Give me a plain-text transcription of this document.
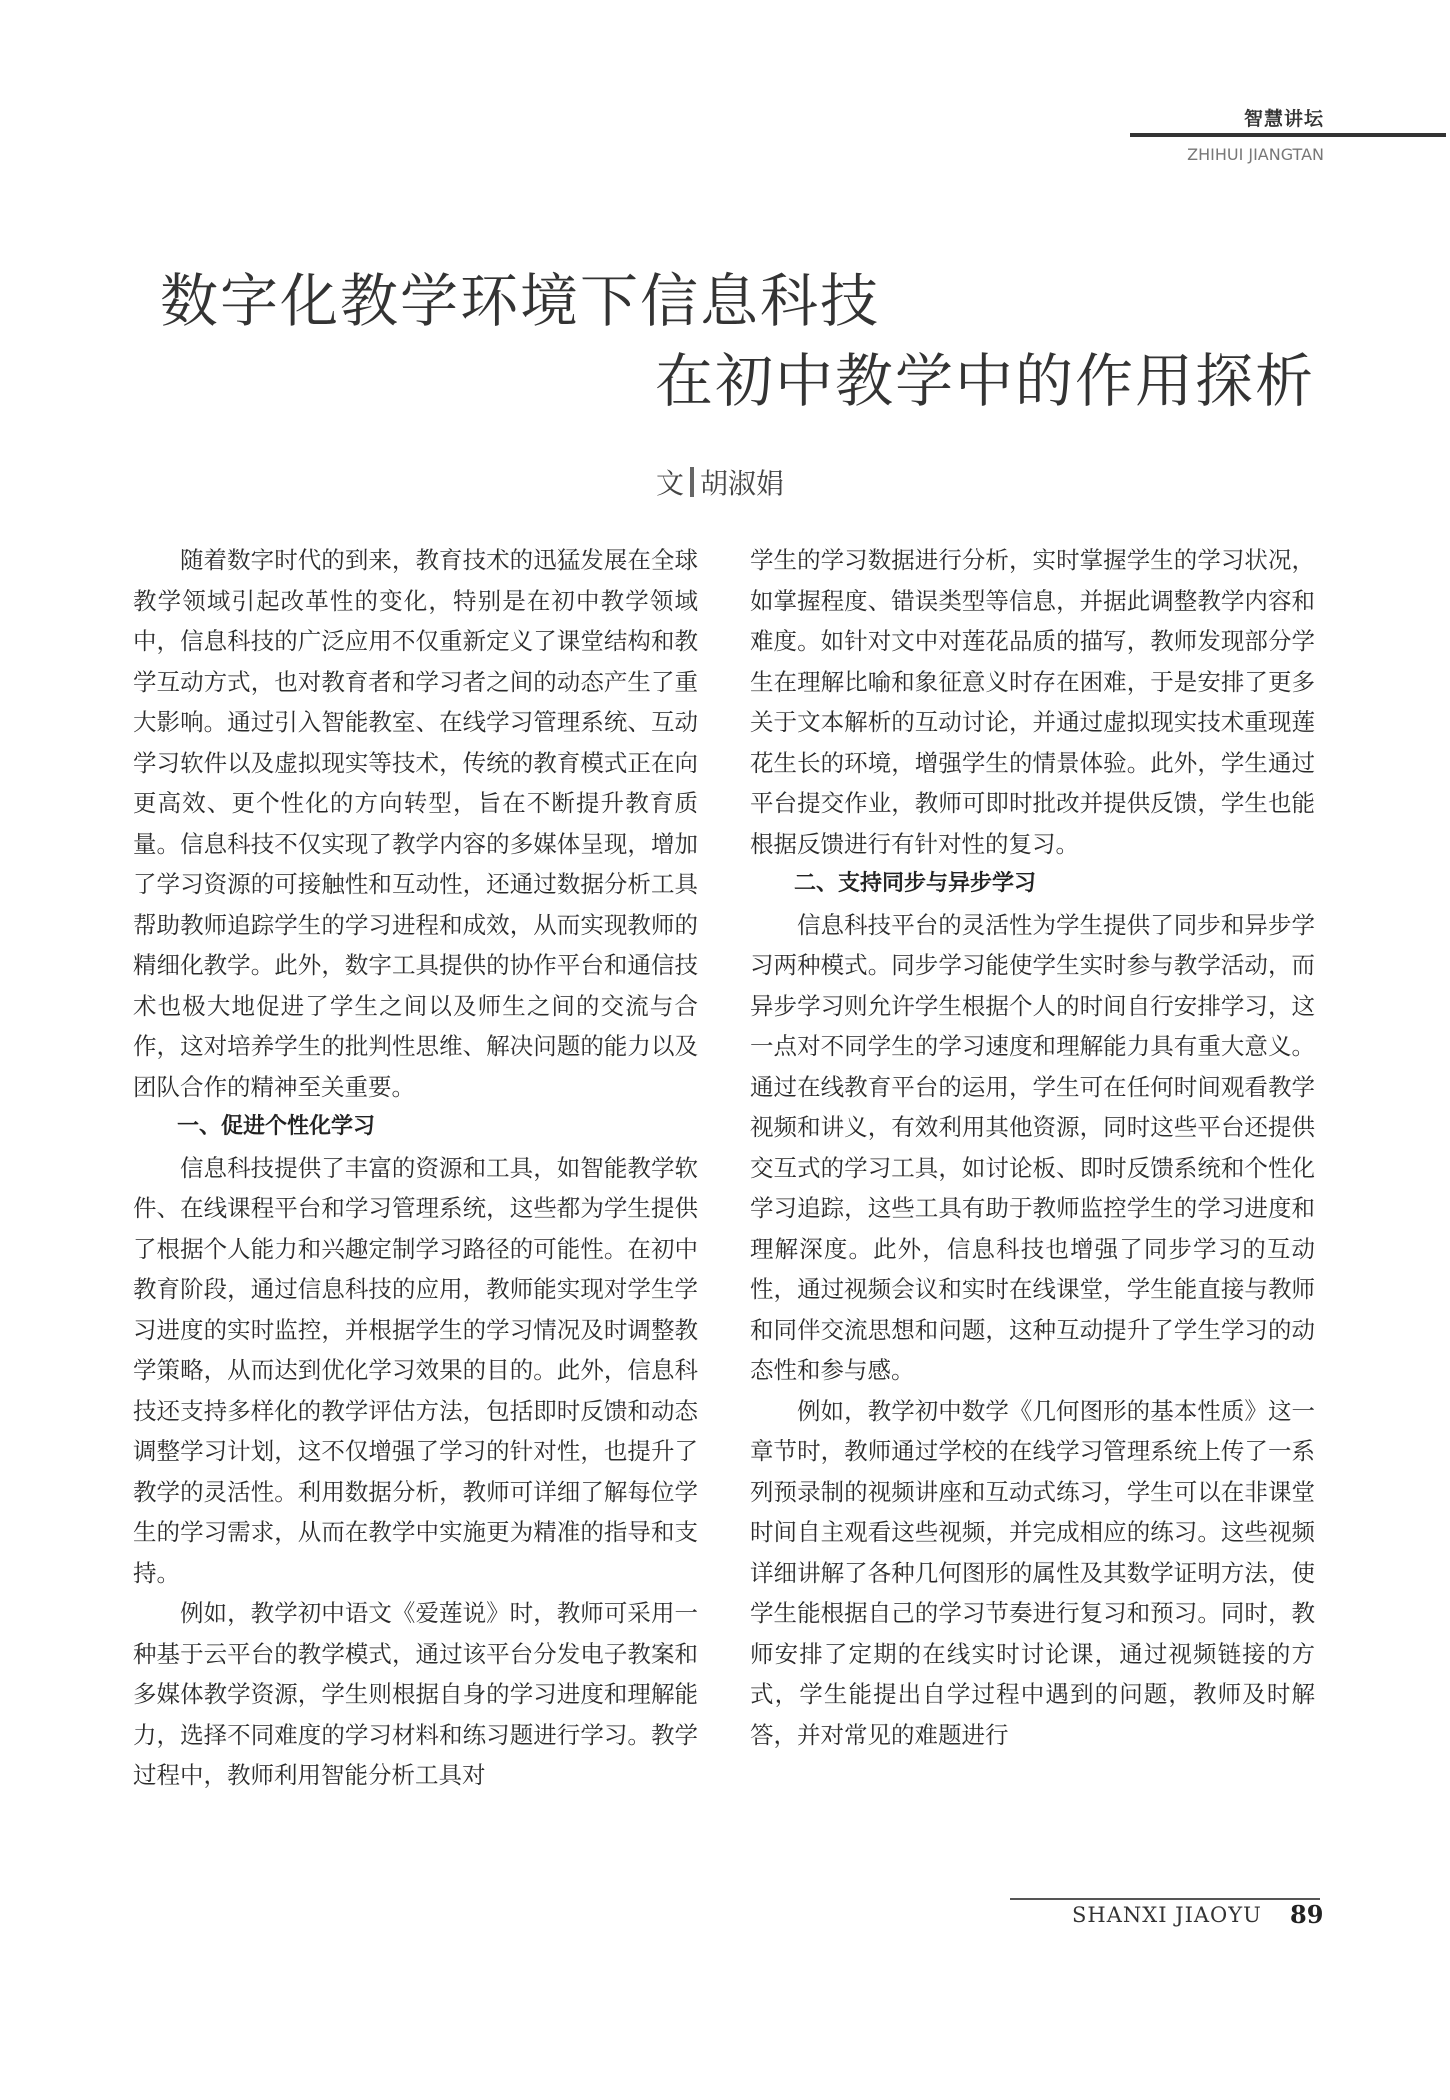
智慧讲坛
ZHIHUI JIANGTAN
数字化教学环境下信息科技
在初中教学中的作用探析
文 胡淑娟

随着数字时代的到来，教育技术的迅猛发展在全球教学领域引起改革性的变化，特别是在初中教学领域中，信息科技的广泛应用不仅重新定义了课堂结构和教学互动方式，也对教育者和学习者之间的动态产生了重大影响。通过引入智能教室、在线学习管理系统、互动学习软件以及虚拟现实等技术，传统的教育模式正在向更高效、更个性化的方向转型，旨在不断提升教育质量。信息科技不仅实现了教学内容的多媒体呈现，增加了学习资源的可接触性和互动性，还通过数据分析工具帮助教师追踪学生的学习进程和成效，从而实现教师的精细化教学。此外，数字工具提供的协作平台和通信技术也极大地促进了学生之间以及师生之间的交流与合作，这对培养学生的批判性思维、解决问题的能力以及团队合作的精神至关重要。

一、促进个性化学习

信息科技提供了丰富的资源和工具，如智能教学软件、在线课程平台和学习管理系统，这些都为学生提供了根据个人能力和兴趣定制学习路径的可能性。在初中教育阶段，通过信息科技的应用，教师能实现对学生学习进度的实时监控，并根据学生的学习情况及时调整教学策略，从而达到优化学习效果的目的。此外，信息科技还支持多样化的教学评估方法，包括即时反馈和动态调整学习计划，这不仅增强了学习的针对性，也提升了教学的灵活性。利用数据分析，教师可详细了解每位学生的学习需求，从而在教学中实施更为精准的指导和支持。

例如，教学初中语文《爱莲说》时，教师可采用一种基于云平台的教学模式，通过该平台分发电子教案和多媒体教学资源，学生则根据自身的学习进度和理解能力，选择不同难度的学习材料和练习题进行学习。教学过程中，教师利用智能分析工具对

学生的学习数据进行分析，实时掌握学生的学习状况，如掌握程度、错误类型等信息，并据此调整教学内容和难度。如针对文中对莲花品质的描写，教师发现部分学生在理解比喻和象征意义时存在困难，于是安排了更多关于文本解析的互动讨论，并通过虚拟现实技术重现莲花生长的环境，增强学生的情景体验。此外，学生通过平台提交作业，教师可即时批改并提供反馈，学生也能根据反馈进行有针对性的复习。

二、支持同步与异步学习

信息科技平台的灵活性为学生提供了同步和异步学习两种模式。同步学习能使学生实时参与教学活动，而异步学习则允许学生根据个人的时间自行安排学习，这一点对不同学生的学习速度和理解能力具有重大意义。通过在线教育平台的运用，学生可在任何时间观看教学视频和讲义，有效利用其他资源，同时这些平台还提供交互式的学习工具，如讨论板、即时反馈系统和个性化学习追踪，这些工具有助于教师监控学生的学习进度和理解深度。此外，信息科技也增强了同步学习的互动性，通过视频会议和实时在线课堂，学生能直接与教师和同伴交流思想和问题，这种互动提升了学生学习的动态性和参与感。

例如，教学初中数学《几何图形的基本性质》这一章节时，教师通过学校的在线学习管理系统上传了一系列预录制的视频讲座和互动式练习，学生可以在非课堂时间自主观看这些视频，并完成相应的练习。这些视频详细讲解了各种几何图形的属性及其数学证明方法，使学生能根据自己的学习节奏进行复习和预习。同时，教师安排了定期的在线实时讨论课，通过视频链接的方式，学生能提出自学过程中遇到的问题，教师及时解答，并对常见的难题进行

SHANXI JIAOYU 89
